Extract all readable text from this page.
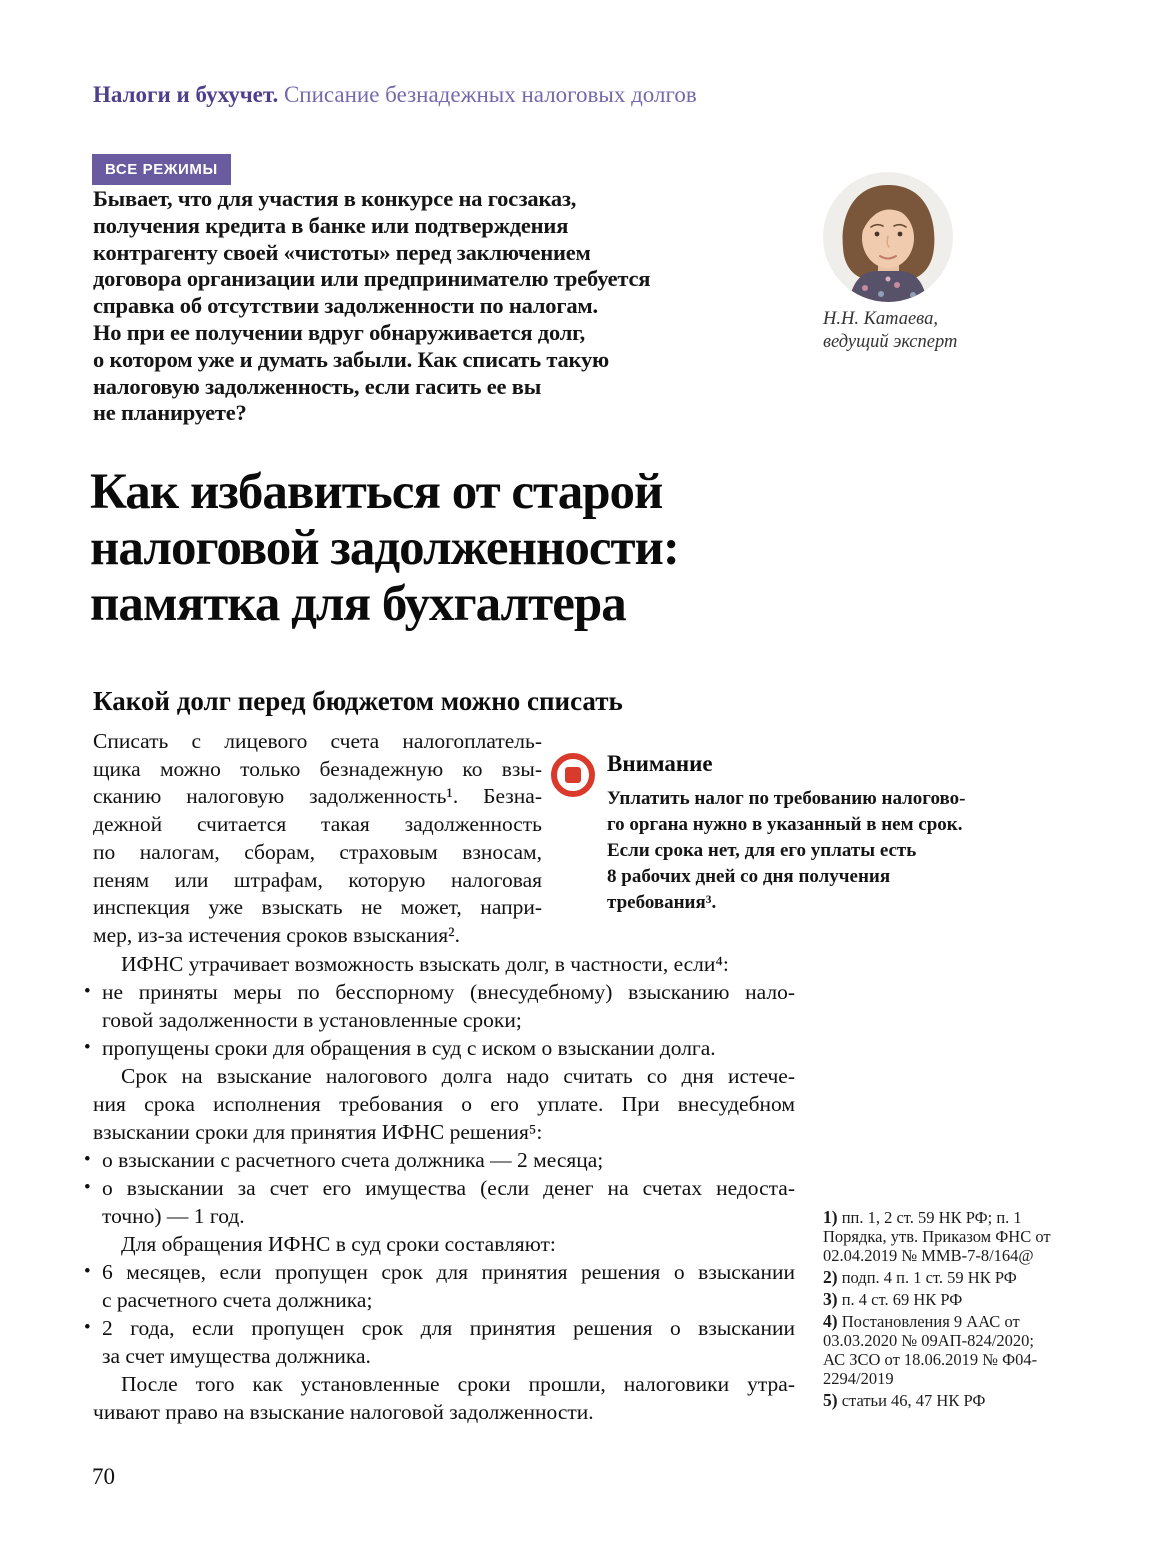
Налоги и бухучет. Списание безнадежных налоговых долгов
ВСЕ РЕЖИМЫ
Бывает, что для участия в конкурсе на госзаказ,
получения кредита в банке или подтверждения
контрагенту своей «чистоты» перед заключением
договора организации или предпринимателю требуется
справка об отсутствии задолженности по налогам.
Но при ее получении вдруг обнаруживается долг,
о котором уже и думать забыли. Как списать такую
налоговую задолженность, если гасить ее вы
не планируете?
Н.Н. Катаева,
ведущий эксперт
Как избавиться от старой
налоговой задолженности:
памятка для бухгалтера
Какой долг перед бюджетом можно списать
Списать с лицевого счета налогоплатель-
щика можно только безнадежную ко взы-
сканию налоговую задолженность¹. Безна-
дежной считается такая задолженность
по налогам, сборам, страховым взносам,
пеням или штрафам, которую налоговая
инспекция уже взыскать не может, напри-
мер, из-за истечения сроков взыскания².

Внимание

Уплатить налог по требованию налогово-
го органа нужно в указанный в нем срок.
Если срока нет, для его уплаты есть
8 рабочих дней со дня получения
требования³.
ИФНС утрачивает возможность взыскать долг, в частности, если⁴:
• не приняты меры по бесспорному (внесудебному) взысканию нало-
говой задолженности в установленные сроки;
• пропущены сроки для обращения в суд с иском о взыскании долга.
Срок на взыскание налогового долга надо считать со дня истече-
ния срока исполнения требования о его уплате. При внесудебном
взыскании сроки для принятия ИФНС решения⁵:
• о взыскании с расчетного счета должника — 2 месяца;
• о взыскании за счет его имущества (если денег на счетах недоста-
точно) — 1 год.
Для обращения ИФНС в суд сроки составляют:
• 6 месяцев, если пропущен срок для принятия решения о взыскании
с расчетного счета должника;
• 2 года, если пропущен срок для принятия решения о взыскании
за счет имущества должника.
После того как установленные сроки прошли, налоговики утра-
чивают право на взыскание налоговой задолженности.

1) пп. 1, 2 ст. 59 НК РФ; п. 1 Порядка, утв. Приказом ФНС от 02.04.2019 № ММВ-7-8/164@

2) подп. 4 п. 1 ст. 59 НК РФ

3) п. 4 ст. 69 НК РФ

4) Постановления 9 ААС от 03.03.2020 № 09АП-824/2020; АС ЗСО от 18.06.2019 № Ф04-2294/2019

5) статьи 46, 47 НК РФ

70
